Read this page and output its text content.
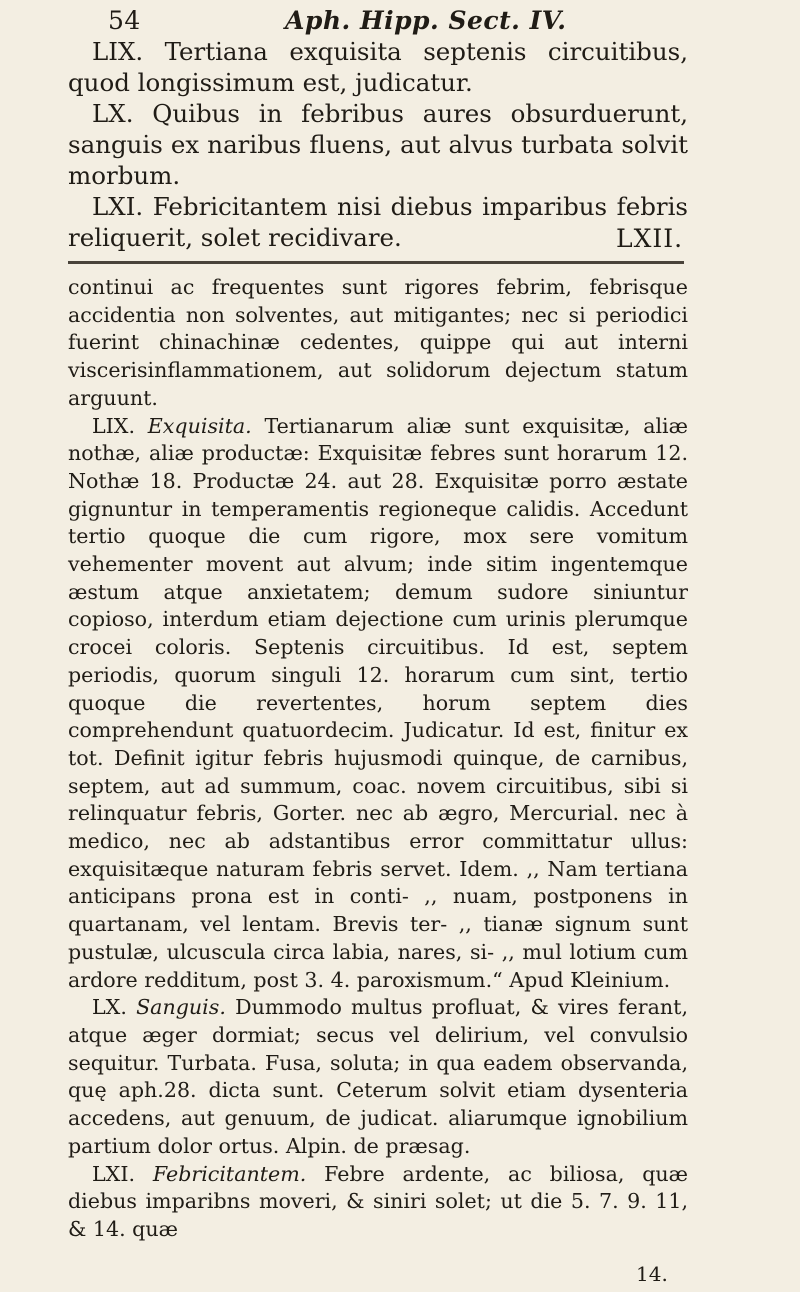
54	Aph. Hipp. Sect. IV.

LIX. Tertiana exquisita septenis circuitibus, quod longissimum est, judicatur.

LX. Quibus in febribus aures obsurduerunt, sanguis ex naribus fluens, aut alvus turbata solvit morbum.

LXI. Febricitantem nisi diebus imparibus febris reliquerit, solet recidivare.	LXII.

continui ac frequentes sunt rigores febrim, febrisque accidentia non solventes, aut mitigantes; nec si periodici fuerint chinachinæ cedentes, quippe qui aut interni viscerisinflammationem, aut solidorum dejectum statum arguunt.

LIX. Exquisita. Tertianarum aliæ sunt exquisitæ, aliæ nothæ, aliæ productæ: Exquisitæ febres sunt horarum 12. Nothæ 18. Productæ 24. aut 28. Exquisitæ porro æstate gignuntur in temperamentis regioneque calidis. Accedunt tertio quoque die cum rigore, mox sere vomitum vehementer movent aut alvum; inde sitim ingentemque æstum atque anxietatem; demum sudore siniuntur copioso, interdum etiam dejectione cum urinis plerumque crocei coloris. Septenis circuitibus. Id est, septem periodis, quorum singuli 12. horarum cum sint, tertio quoque die revertentes, horum septem dies comprehendunt quatuordecim. Judicatur. Id est, finitur ex tot. Definit igitur febris hujusmodi quinque, de carnibus, septem, aut ad summum, coac. novem circuitibus, sibi si relinquatur febris, Gorter. nec ab ægro, Mercurial. nec à medico, nec ab adstantibus error committatur ullus: exquisitæque naturam febris servet. Idem. ,, Nam tertiana anticipans prona est in conti- ,, nuam, postponens in quartanam, vel lentam. Brevis ter- ,, tianæ signum sunt pustulæ, ulcuscula circa labia, nares, si- ,, mul lotium cum ardore redditum, post 3. 4. paroxismum.“ Apud Kleinium.

LX. Sanguis. Dummodo multus profluat, & vires ferant, atque æger dormiat; secus vel delirium, vel convulsio sequitur. Turbata. Fusa, soluta; in qua eadem observanda, quę aph.28. dicta sunt. Ceterum solvit etiam dysenteria accedens, aut genuum, de judicat. aliarumque ignobilium partium dolor ortus. Alpin. de præsag.

LXI. Febricitantem. Febre ardente, ac biliosa, quæ diebus imparibns moveri, & siniri solet; ut die 5. 7. 9. 11, & 14. quæ

14.
